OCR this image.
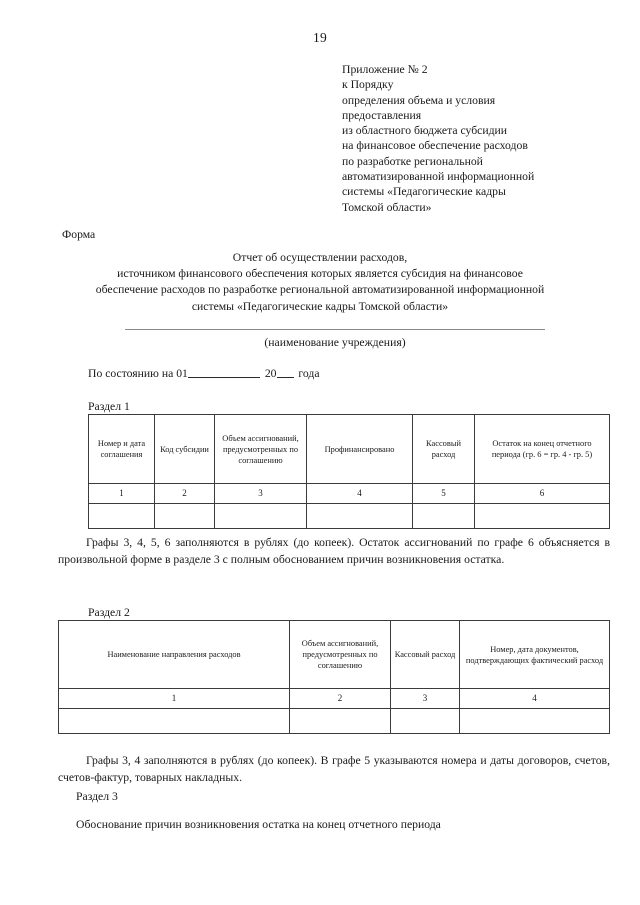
19
Приложение № 2
к Порядку
определения объема и условия
предоставления
из областного бюджета субсидии
на финансовое обеспечение расходов
по разработке региональной
автоматизированной информационной
системы «Педагогические кадры
Томской области»
Форма
Отчет об осуществлении расходов,
источником финансового обеспечения которых является субсидия на финансовое
обеспечение расходов по разработке региональной автоматизированной информационной
системы «Педагогические кадры Томской области»
(наименование учреждения)
По состоянию на 01	20 года
Раздел 1
Номер и дата соглашения	Код субсидии	Объем ассигнований, предусмотренных по соглашению	Профинансировано	Кассовый расход	Остаток на конец отчетного периода (гр. 6 = гр. 4 - гр. 5)
1	2	3	4	5	6

Графы 3, 4, 5, 6 заполняются в рублях (до копеек). Остаток ассигнований по графе 6 объясняется в произвольной форме в разделе 3 с полным обоснованием причин возникновения остатка.
Раздел 2
Наименование направления расходов	Объем ассигнований, предусмотренных по соглашению	Кассовый расход	Номер, дата документов, подтверждающих фактический расход
1	2	3	4

Графы 3, 4 заполняются в рублях (до копеек). В графе 5 указываются номера и даты договоров, счетов, счетов-фактур, товарных накладных.
Раздел 3
Обоснование причин возникновения остатка на конец отчетного периода
